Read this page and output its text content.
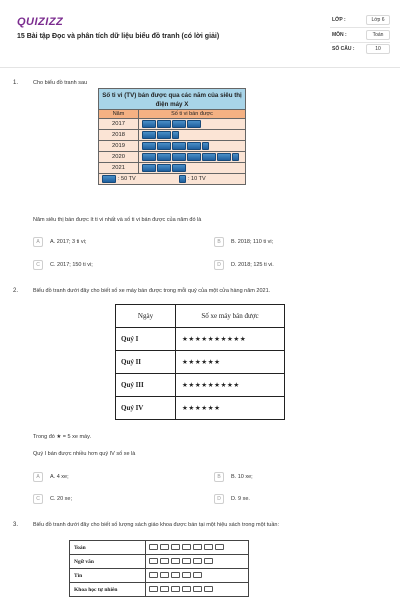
QUIZIZZ
15 Bài tập Đọc và phân tích dữ liệu biểu đồ tranh (có lời giải)
LỚP :	Lớp 6
MÔN :	Toán
SỐ CÂU :	10
1.	Cho biểu đồ tranh sau
Số ti vi (TV) bán được qua các năm của siêu thị điện máy X
Năm	Số ti vi bán được
2017
2018
2019
2020
2021
: 50 TV	: 10 TV
Năm siêu thị bán được ít ti vi nhất và số ti vi bán được của năm đó là
A	A. 2017; 3 ti vi;	B	B. 2018; 110 ti vi;
C	C. 2017; 150 ti vi;	D	D. 2018; 125 ti vi.
2.	Biểu đồ tranh dưới đây cho biết số xe máy bán được trong mỗi quý của một cửa hàng năm 2021.
Ngày	Số xe máy bán được
Quý I	★★★★★★★★★★
Quý II	★★★★★★
Quý III	★★★★★★★★★
Quý IV	★★★★★★
Trong đó ★ = 5 xe máy.
Quý I bán được nhiều hơn quý IV số xe là
A	A. 4 xe;	B	B. 10 xe;
C	C. 20 xe;	D	D. 9 xe.
3.	Biểu đồ tranh dưới đây cho biết số lượng sách giáo khoa được bán tại một hiệu sách trong một tuần:
Toán	
Ngữ văn	
Tin	
Khoa học tự nhiên	
